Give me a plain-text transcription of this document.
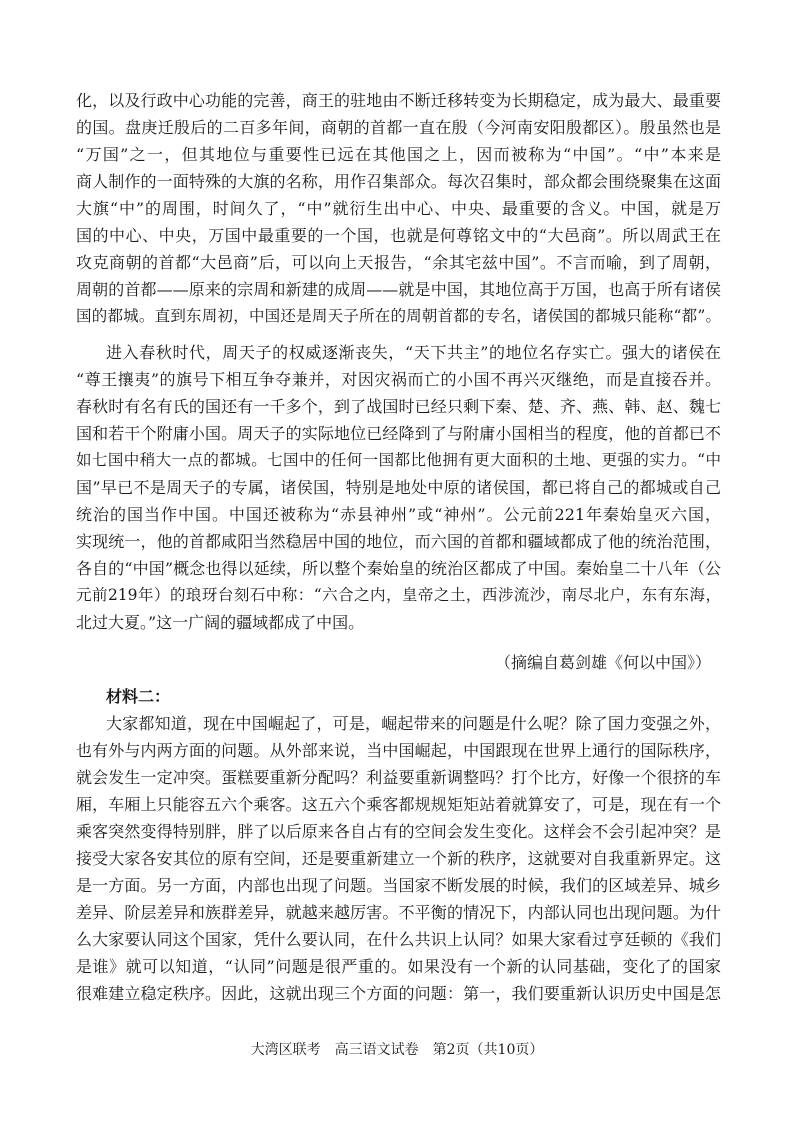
化，以及行政中心功能的完善，商王的驻地由不断迁移转变为长期稳定，成为最大、最重要
的国。盘庚迁殷后的二百多年间，商朝的首都一直在殷（今河南安阳殷都区）。殷虽然也是
“万国”之一，但其地位与重要性已远在其他国之上，因而被称为“中国”。“中”本来是
商人制作的一面特殊的大旗的名称，用作召集部众。每次召集时，部众都会围绕聚集在这面
大旗“中”的周围，时间久了，“中”就衍生出中心、中央、最重要的含义。中国，就是万
国的中心、中央，万国中最重要的一个国，也就是何尊铭文中的“大邑商”。所以周武王在
攻克商朝的首都“大邑商”后，可以向上天报告，“余其宅兹中国”。不言而喻，到了周朝，
周朝的首都——原来的宗周和新建的成周——就是中国，其地位高于万国，也高于所有诸侯
国的都城。直到东周初，中国还是周天子所在的周朝首都的专名，诸侯国的都城只能称“都”。
进入春秋时代，周天子的权威逐渐丧失，“天下共主”的地位名存实亡。强大的诸侯在
“尊王攘夷”的旗号下相互争夺兼并，对因灾祸而亡的小国不再兴灭继绝，而是直接吞并。
春秋时有名有氏的国还有一千多个，到了战国时已经只剩下秦、楚、齐、燕、韩、赵、魏七
国和若干个附庸小国。周天子的实际地位已经降到了与附庸小国相当的程度，他的首都已不
如七国中稍大一点的都城。七国中的任何一国都比他拥有更大面积的土地、更强的实力。“中
国”早已不是周天子的专属，诸侯国，特别是地处中原的诸侯国，都已将自己的都城或自己
统治的国当作中国。中国还被称为“赤县神州”或“神州”。公元前221年秦始皇灭六国，
实现统一，他的首都咸阳当然稳居中国的地位，而六国的首都和疆域都成了他的统治范围，
各自的“中国”概念也得以延续，所以整个秦始皇的统治区都成了中国。秦始皇二十八年（公
元前219年）的琅玡台刻石中称：“六合之内，皇帝之土，西涉流沙，南尽北户，东有东海，
北过大夏。”这一广阔的疆域都成了中国。
（摘编自葛剑雄《何以中国》）
材料二：
大家都知道，现在中国崛起了，可是，崛起带来的问题是什么呢？除了国力变强之外，
也有外与内两方面的问题。从外部来说，当中国崛起，中国跟现在世界上通行的国际秩序，
就会发生一定冲突。蛋糕要重新分配吗？利益要重新调整吗？打个比方，好像一个很挤的车
厢，车厢上只能容五六个乘客。这五六个乘客都规规矩矩站着就算安了，可是，现在有一个
乘客突然变得特别胖，胖了以后原来各自占有的空间会发生变化。这样会不会引起冲突？是
接受大家各安其位的原有空间，还是要重新建立一个新的秩序，这就要对自我重新界定。这
是一方面。另一方面，内部也出现了问题。当国家不断发展的时候，我们的区域差异、城乡
差异、阶层差异和族群差异，就越来越厉害。不平衡的情况下，内部认同也出现问题。为什
么大家要认同这个国家，凭什么要认同，在什么共识上认同？如果大家看过亨廷顿的《我们
是谁》就可以知道，“认同”问题是很严重的。如果没有一个新的认同基础，变化了的国家
很难建立稳定秩序。因此，这就出现三个方面的问题：第一，我们要重新认识历史中国是怎
大湾区联考　高三语文试卷　第2页（共10页）
